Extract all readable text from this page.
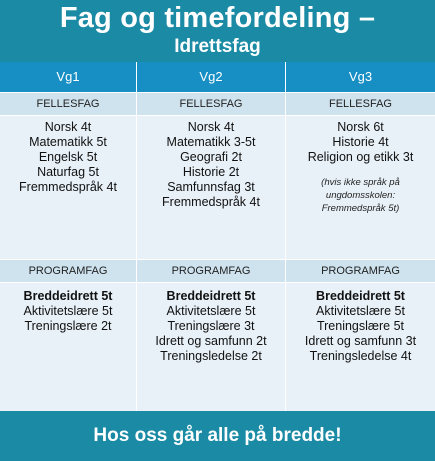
Fag og timefordeling –
Idrettsfag
Vg1
FELLESFAG
Norsk 4t
Matematikk 5t
Engelsk 5t
Naturfag 5t
Fremmedspråk 4t
PROGRAMFAG
Breddeidrett 5t
Aktivitetslære 5t
Treningslære 2t
Vg2
FELLESFAG
Norsk 4t
Matematikk 3-5t
Geografi 2t
Historie 2t
Samfunnsfag 3t
Fremmedspråk 4t
PROGRAMFAG
Breddeidrett 5t
Aktivitetslære 5t
Treningslære 3t
Idrett og samfunn 2t
Treningsledelse 2t
Vg3
FELLESFAG
Norsk 6t
Historie 4t
Religion og etikk 3t
(hvis ikke språk på
ungdomsskolen:
Fremmedspråk 5t)
PROGRAMFAG
Breddeidrett 5t
Aktivitetslære 5t
Treningslære 5t
Idrett og samfunn 3t
Treningsledelse 4t
Hos oss går alle på bredde!
